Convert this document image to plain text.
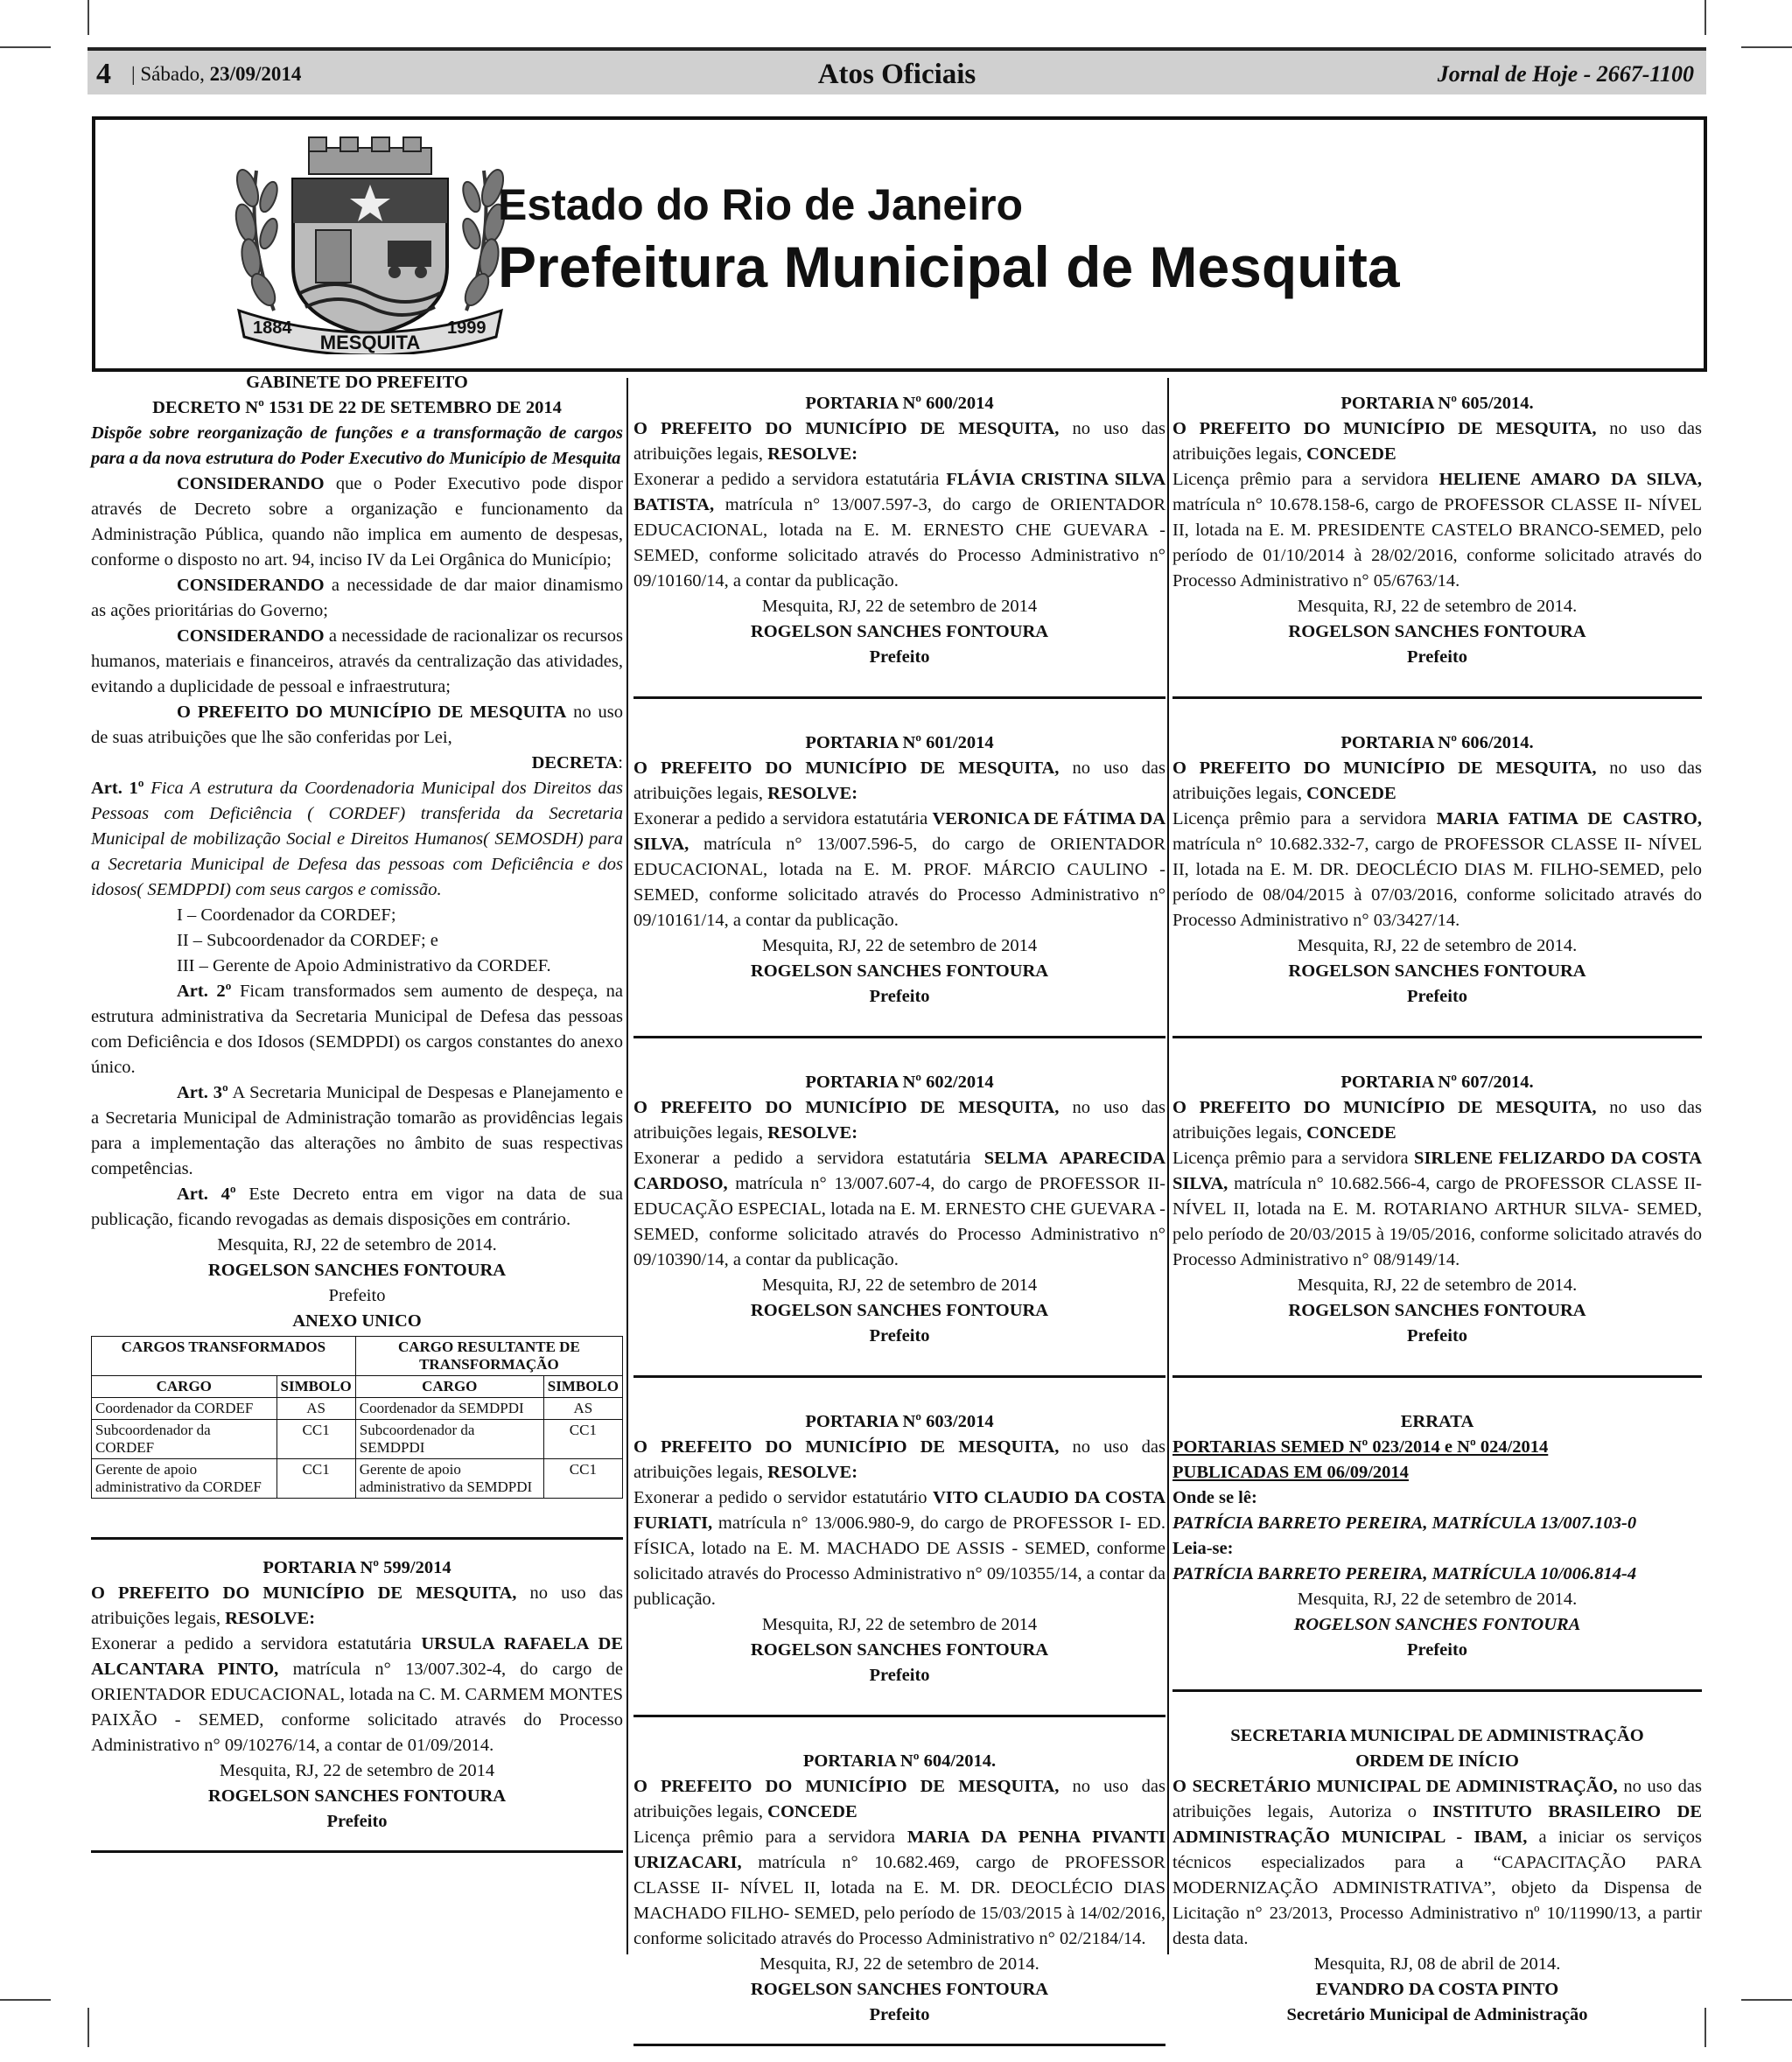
4 | Sábado, 23/09/2014	Atos Oficiais	Jornal de Hoje - 2667-1100
1884
MESQUITA
1999
Estado do Rio de Janeiro
Prefeitura Municipal de Mesquita

GABINETE DO PREFEITO

DECRETO Nº 1531 DE 22 DE SETEMBRO DE 2014

Dispõe sobre reorganização de funções e a transformação de cargos para a da nova estrutura do Poder Executivo do Município de Mesquita

CONSIDERANDO que o Poder Executivo pode dispor através de Decreto sobre a organização e funcionamento da Administração Pública, quando não implica em aumento de despesas, conforme o disposto no art. 94, inciso IV da Lei Orgânica do Município;

CONSIDERANDO a necessidade de dar maior dinamismo as ações prioritárias do Governo;

CONSIDERANDO a necessidade de racionalizar os recursos humanos, materiais e financeiros, através da centralização das atividades, evitando a duplicidade de pessoal e infraestrutura;

O PREFEITO DO MUNICÍPIO DE MESQUITA no uso de suas atribuições que lhe são conferidas por Lei,

DECRETA:

Art. 1º Fica A estrutura da Coordenadoria Municipal dos Direitos das Pessoas com Deficiência ( CORDEF) transferida da Secretaria Municipal de mobilização Social e Direitos Humanos( SEMOSDH) para a Secretaria Municipal de Defesa das pessoas com Deficiência e dos idosos( SEMDPDI) com seus cargos e comissão.

I – Coordenador da CORDEF;

II – Subcoordenador da CORDEF; e

III – Gerente de Apoio Administrativo da CORDEF.

Art. 2º Ficam transformados sem aumento de despeça, na estrutura administrativa da Secretaria Municipal de Defesa das pessoas com Deficiência e dos Idosos (SEMDPDI) os cargos constantes do anexo único.

Art. 3º A Secretaria Municipal de Despesas e Planejamento e a Secretaria Municipal de Administração tomarão as providências legais para a implementação das alterações no âmbito de suas respectivas competências.

Art. 4º Este Decreto entra em vigor na data de sua publicação, ficando revogadas as demais disposições em contrário.

Mesquita, RJ, 22 de setembro de 2014.

ROGELSON SANCHES FONTOURA

Prefeito

ANEXO UNICO

CARGOS TRANSFORMADOS		CARGO RESULTANTE DE TRANSFORMAÇÃO	
CARGO	SIMBOLO	CARGO	SIMBOLO
Coordenador da CORDEF	AS	Coordenador da SEMDPDI	AS
Subcoordenador da CORDEF	CC1	Subcoordenador da SEMDPDI	CC1
Gerente de apoio administrativo da CORDEF	CC1	Gerente de apoio administrativo da SEMDPDI	CC1

PORTARIA Nº 599/2014

O PREFEITO DO MUNICÍPIO DE MESQUITA, no uso das atribuições legais, RESOLVE:

Exonerar a pedido a servidora estatutária URSULA RAFAELA DE ALCANTARA PINTO, matrícula n° 13/007.302-4, do cargo de ORIENTADOR EDUCACIONAL, lotada na C. M. CARMEM MONTES PAIXÃO - SEMED, conforme solicitado através do Processo Administrativo n° 09/10276/14, a contar de 01/09/2014.

Mesquita, RJ, 22 de setembro de 2014

ROGELSON SANCHES FONTOURA

Prefeito

PORTARIA Nº 600/2014

O PREFEITO DO MUNICÍPIO DE MESQUITA, no uso das atribuições legais, RESOLVE:

Exonerar a pedido a servidora estatutária FLÁVIA CRISTINA SILVA BATISTA, matrícula n° 13/007.597-3, do cargo de ORIENTADOR EDUCACIONAL, lotada na E. M. ERNESTO CHE GUEVARA - SEMED, conforme solicitado através do Processo Administrativo n° 09/10160/14, a contar da publicação.

Mesquita, RJ, 22 de setembro de 2014

ROGELSON SANCHES FONTOURA

Prefeito

PORTARIA Nº 601/2014

O PREFEITO DO MUNICÍPIO DE MESQUITA, no uso das atribuições legais, RESOLVE:

Exonerar a pedido a servidora estatutária VERONICA DE FÁTIMA DA SILVA, matrícula n° 13/007.596-5, do cargo de ORIENTADOR EDUCACIONAL, lotada na E. M. PROF. MÁRCIO CAULINO - SEMED, conforme solicitado através do Processo Administrativo n° 09/10161/14, a contar da publicação.

Mesquita, RJ, 22 de setembro de 2014

ROGELSON SANCHES FONTOURA

Prefeito

PORTARIA Nº 602/2014

O PREFEITO DO MUNICÍPIO DE MESQUITA, no uso das atribuições legais, RESOLVE:

Exonerar a pedido a servidora estatutária SELMA APARECIDA CARDOSO, matrícula n° 13/007.607-4, do cargo de PROFESSOR II- EDUCAÇÃO ESPECIAL, lotada na E. M. ERNESTO CHE GUEVARA - SEMED, conforme solicitado através do Processo Administrativo n° 09/10390/14, a contar da publicação.

Mesquita, RJ, 22 de setembro de 2014

ROGELSON SANCHES FONTOURA

Prefeito

PORTARIA Nº 603/2014

O PREFEITO DO MUNICÍPIO DE MESQUITA, no uso das atribuições legais, RESOLVE:

Exonerar a pedido o servidor estatutário VITO CLAUDIO DA COSTA FURIATI, matrícula n° 13/006.980-9, do cargo de PROFESSOR I- ED. FÍSICA, lotado na E. M. MACHADO DE ASSIS - SEMED, conforme solicitado através do Processo Administrativo n° 09/10355/14, a contar da publicação.

Mesquita, RJ, 22 de setembro de 2014

ROGELSON SANCHES FONTOURA

Prefeito

PORTARIA Nº 604/2014.

O PREFEITO DO MUNICÍPIO DE MESQUITA, no uso das atribuições legais, CONCEDE

Licença prêmio para a servidora MARIA DA PENHA PIVANTI URIZACARI, matrícula n° 10.682.469, cargo de PROFESSOR CLASSE II- NÍVEL II, lotada na E. M. DR. DEOCLÉCIO DIAS MACHADO FILHO- SEMED, pelo período de 15/03/2015 à 14/02/2016, conforme solicitado através do Processo Administrativo n° 02/2184/14.

Mesquita, RJ, 22 de setembro de 2014.

ROGELSON SANCHES FONTOURA

Prefeito

PORTARIA Nº 605/2014.

O PREFEITO DO MUNICÍPIO DE MESQUITA, no uso das atribuições legais, CONCEDE

Licença prêmio para a servidora HELIENE AMARO DA SILVA, matrícula n° 10.678.158-6, cargo de PROFESSOR CLASSE II- NÍVEL II, lotada na E. M. PRESIDENTE CASTELO BRANCO-SEMED, pelo período de 01/10/2014 à 28/02/2016, conforme solicitado através do Processo Administrativo n° 05/6763/14.

Mesquita, RJ, 22 de setembro de 2014.

ROGELSON SANCHES FONTOURA

Prefeito

PORTARIA Nº 606/2014.

O PREFEITO DO MUNICÍPIO DE MESQUITA, no uso das atribuições legais, CONCEDE

Licença prêmio para a servidora MARIA FATIMA DE CASTRO, matrícula n° 10.682.332-7, cargo de PROFESSOR CLASSE II- NÍVEL II, lotada na E. M. DR. DEOCLÉCIO DIAS M. FILHO-SEMED, pelo período de 08/04/2015 à 07/03/2016, conforme solicitado através do Processo Administrativo n° 03/3427/14.

Mesquita, RJ, 22 de setembro de 2014.

ROGELSON SANCHES FONTOURA

Prefeito

PORTARIA Nº 607/2014.

O PREFEITO DO MUNICÍPIO DE MESQUITA, no uso das atribuições legais, CONCEDE

Licença prêmio para a servidora SIRLENE FELIZARDO DA COSTA SILVA, matrícula n° 10.682.566-4, cargo de PROFESSOR CLASSE II- NÍVEL II, lotada na E. M. ROTARIANO ARTHUR SILVA- SEMED, pelo período de 20/03/2015 à 19/05/2016, conforme solicitado através do Processo Administrativo n° 08/9149/14.

Mesquita, RJ, 22 de setembro de 2014.

ROGELSON SANCHES FONTOURA

Prefeito

ERRATA

PORTARIAS SEMED Nº 023/2014 e Nº 024/2014

PUBLICADAS EM 06/09/2014

Onde se lê:

PATRÍCIA BARRETO PEREIRA, MATRÍCULA 13/007.103-0

Leia-se:

PATRÍCIA BARRETO PEREIRA, MATRÍCULA 10/006.814-4

Mesquita, RJ, 22 de setembro de 2014.

ROGELSON SANCHES FONTOURA

Prefeito

SECRETARIA MUNICIPAL DE ADMINISTRAÇÃO

ORDEM DE INÍCIO

O SECRETÁRIO MUNICIPAL DE ADMINISTRAÇÃO, no uso das atribuições legais, Autoriza o INSTITUTO BRASILEIRO DE ADMINISTRAÇÃO MUNICIPAL - IBAM, a iniciar os serviços técnicos especializados para a “CAPACITAÇÃO PARA MODERNIZAÇÃO ADMINISTRATIVA”, objeto da Dispensa de Licitação n° 23/2013, Processo Administrativo nº 10/11990/13, a partir desta data.

Mesquita, RJ, 08 de abril de 2014.

EVANDRO DA COSTA PINTO

Secretário Municipal de Administração
